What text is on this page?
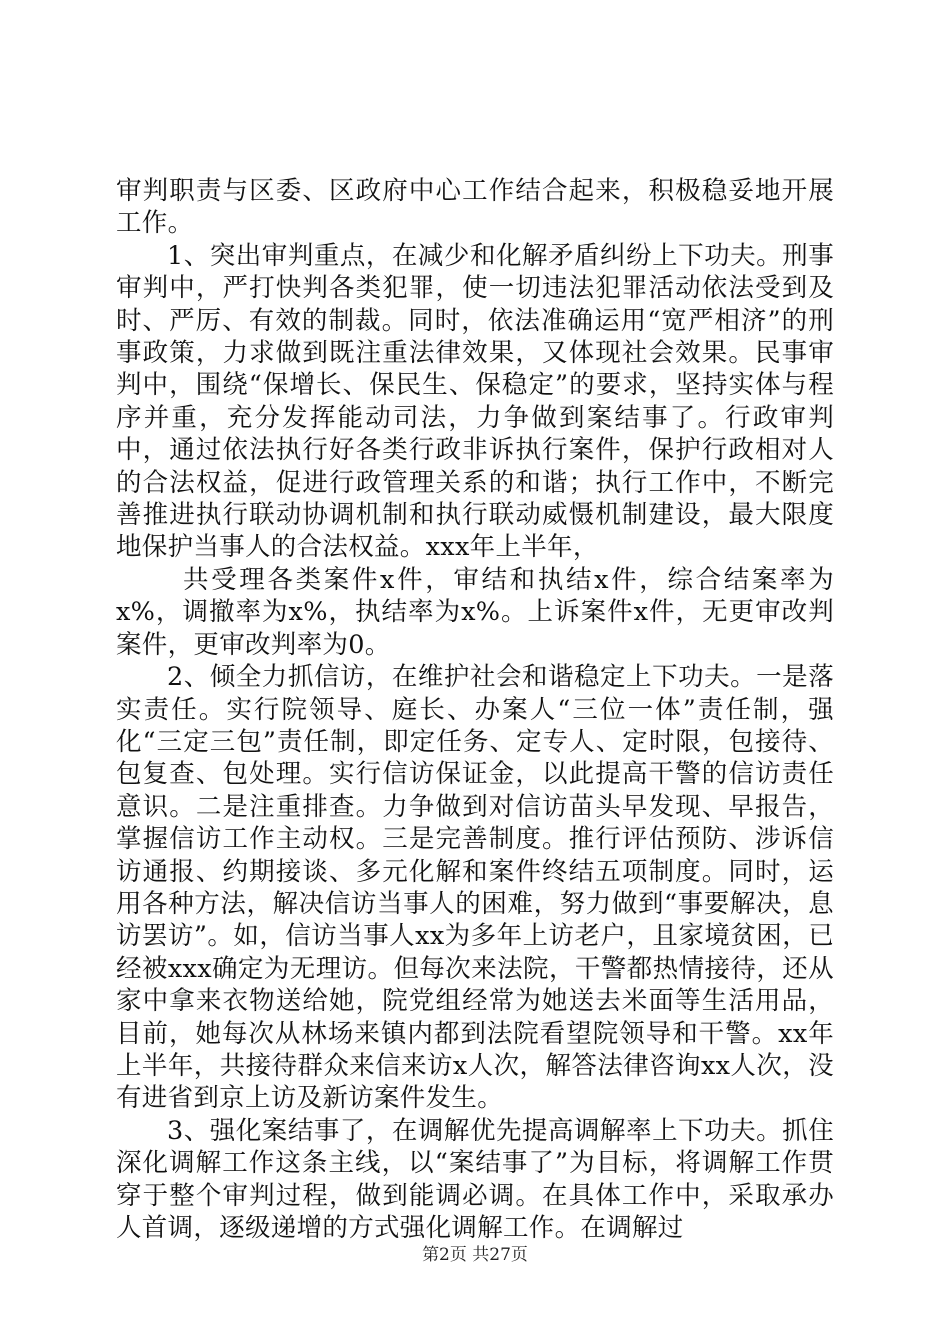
审判职责与区委、区政府中心工作结合起来，积极稳妥地开展工作。

1、突出审判重点，在减少和化解矛盾纠纷上下功夫。刑事审判中，严打快判各类犯罪，使一切违法犯罪活动依法受到及时、严厉、有效的制裁。同时，依法准确运用“宽严相济”的刑事政策，力求做到既注重法律效果，又体现社会效果。民事审判中，围绕“保增长、保民生、保稳定”的要求，坚持实体与程序并重，充分发挥能动司法，力争做到案结事了。行政审判中，通过依法执行好各类行政非诉执行案件，保护行政相对人的合法权益，促进行政管理关系的和谐；执行工作中，不断完善推进执行联动协调机制和执行联动威慑机制建设，最大限度地保护当事人的合法权益。xxx年上半年，

共受理各类案件x件，审结和执结x件，综合结案率为x%，调撤率为x%，执结率为x%。上诉案件x件，无更审改判案件，更审改判率为0。

2、倾全力抓信访，在维护社会和谐稳定上下功夫。一是落实责任。实行院领导、庭长、办案人“三位一体”责任制，强化“三定三包”责任制，即定任务、定专人、定时限，包接待、包复查、包处理。实行信访保证金，以此提高干警的信访责任意识。二是注重排查。力争做到对信访苗头早发现、早报告，掌握信访工作主动权。三是完善制度。推行评估预防、涉诉信访通报、约期接谈、多元化解和案件终结五项制度。同时，运用各种方法，解决信访当事人的困难，努力做到“事要解决，息访罢访”。如，信访当事人xx为多年上访老户，且家境贫困，已经被xxx确定为无理访。但每次来法院，干警都热情接待，还从家中拿来衣物送给她，院党组经常为她送去米面等生活用品，目前，她每次从林场来镇内都到法院看望院领导和干警。xx年上半年，共接待群众来信来访x人次，解答法律咨询xx人次，没有进省到京上访及新访案件发生。

3、强化案结事了，在调解优先提高调解率上下功夫。抓住深化调解工作这条主线，以“案结事了”为目标，将调解工作贯穿于整个审判过程，做到能调必调。在具体工作中，采取承办人首调，逐级递增的方式强化调解工作。在调解过

第2页 共27页
